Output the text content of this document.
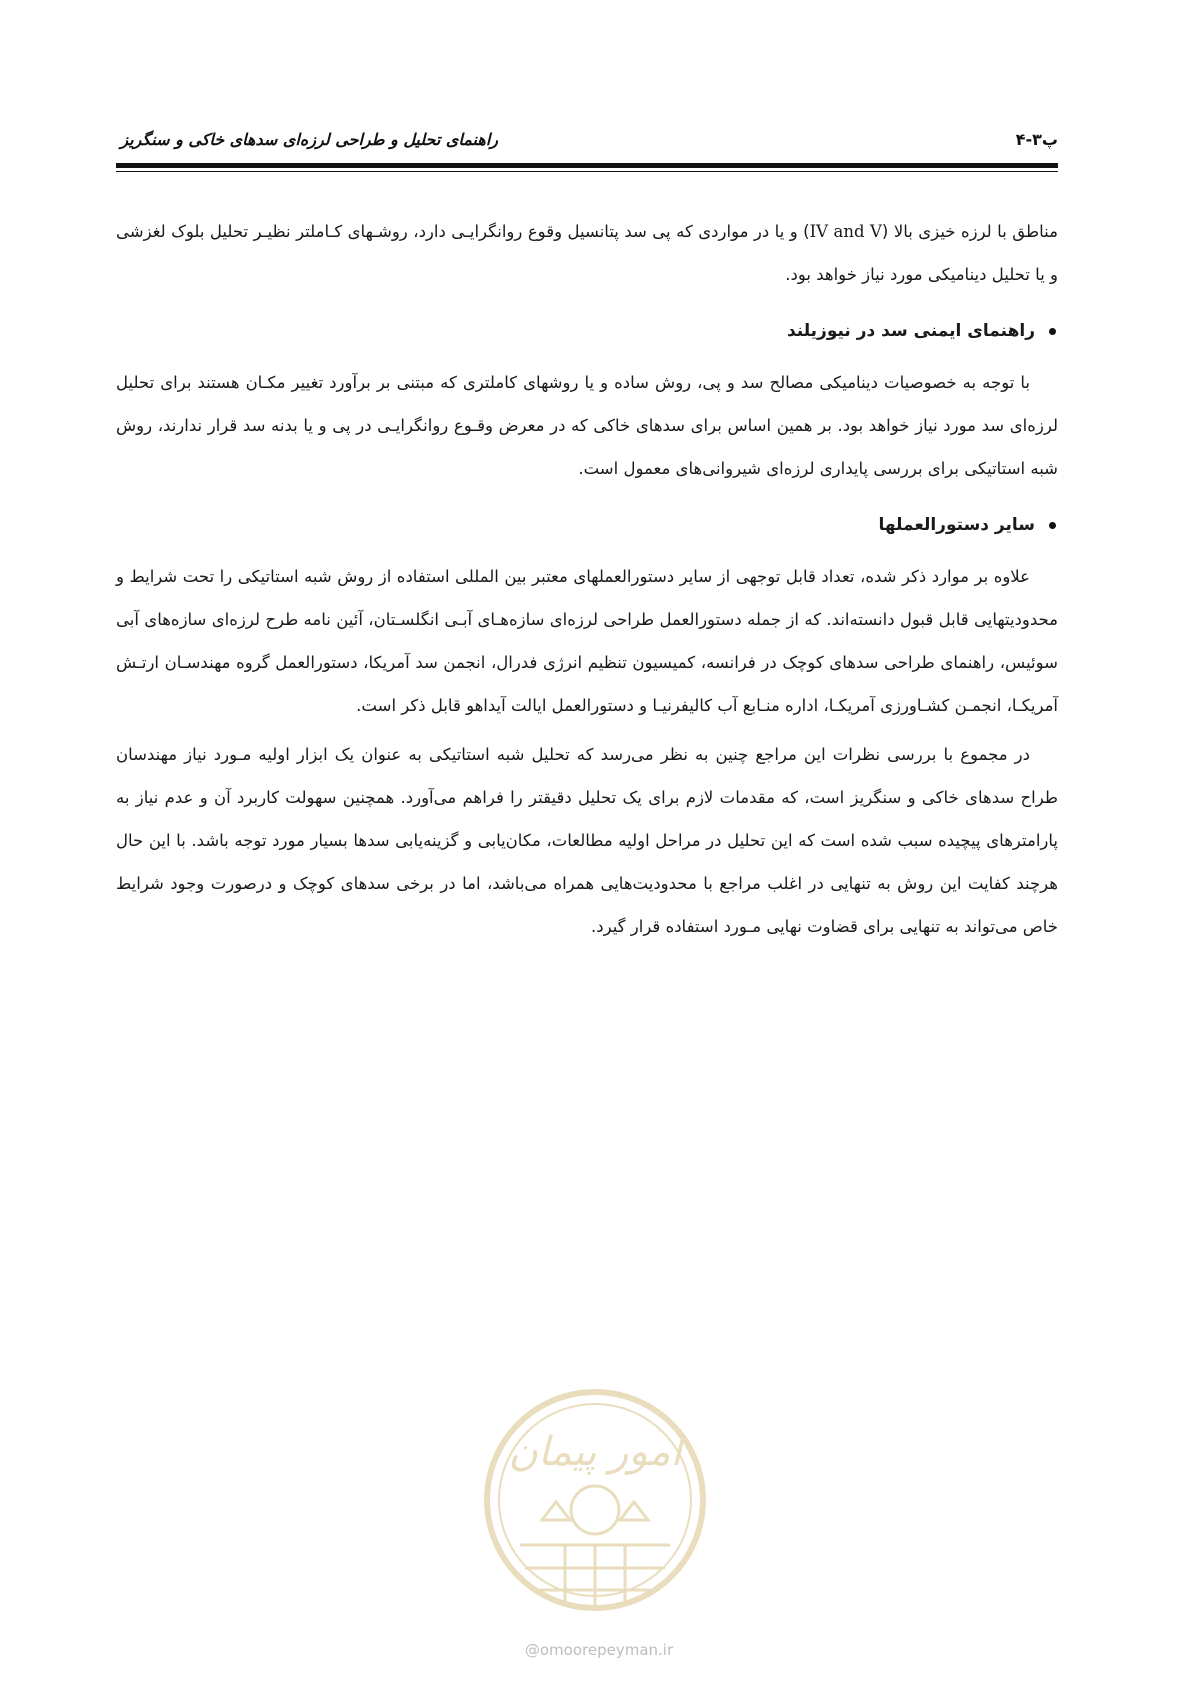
راهنمای تحلیل و طراحی لرزه‌ای سدهای خاکی و سنگریز	پ۳-۴

مناطق با لرزه خیزی بالا (IV and V) و یا در مواردی که پی سد پتانسیل وقوع روانگرایـی دارد، روشـهای کـاملتر نظیـر تحلیل بلوک لغزشی و یا تحلیل دینامیکی مورد نیاز خواهد بود.

راهنمای ایمنی سد در نیوزیلند

با توجه به خصوصیات دینامیکی مصالح سد و پی، روش ساده و یا روشهای کاملتری که مبتنی بر برآورد تغییر مکـان هستند برای تحلیل لرزه‌ای سد مورد نیاز خواهد بود. بر همین اساس برای سدهای خاکی که در معرض وقـوع روانگرایـی در پی و یا بدنه سد قرار ندارند، روش شبه استاتیکی برای بررسی پایداری لرزه‌ای شیروانی‌های معمول است.

سایر دستورالعملها

علاوه بر موارد ذکر شده، تعداد قابل توجهی از سایر دستورالعملهای معتبر بین المللی استفاده از روش شبه استاتیکی را تحت شرایط و محدودیتهایی قابل قبول دانسته‌اند. که از جمله دستورالعمل طراحی لرزه‌ای سازه‌هـای آبـی انگلسـتان، آئین نامه طرح لرزه‌ای سازه‌های آبی سوئیس، راهنمای طراحی سدهای کوچک در فرانسه، کمیسیون تنظیم انرژی فدرال، انجمن سد آمریکا، دستورالعمل گروه مهندسـان ارتـش آمریکـا، انجمـن کشـاورزی آمریکـا، اداره منـابع آب کالیفرنیـا و دستورالعمل ایالت آیداهو قابل ذکر است.

در مجموع با بررسی نظرات این مراجع چنین به نظر می‌رسد که تحلیل شبه استاتیکی به عنوان یک ابزار اولیه مـورد نیاز مهندسان طراح سدهای خاکی و سنگریز است، که مقدمات لازم برای یک تحلیل دقیقتر را فراهم می‌آورد. همچنین سهولت کاربرد آن و عدم نیاز به پارامترهای پیچیده سبب شده است که این تحلیل در مراحل اولیه مطالعات، مکان‌یابی و گزینه‌یابی سدها بسیار مورد توجه باشد. با این حال هرچند کفایت این روش به تنهایی در اغلب مراجع با محدودیت‌هایی همراه می‌باشد، اما در برخی سدهای کوچک و درصورت وجود شرایط خاص می‌تواند به تنهایی برای قضاوت نهایی مـورد استفاده قرار گیرد.

امور پیمان
@omoorepeyman.ir
